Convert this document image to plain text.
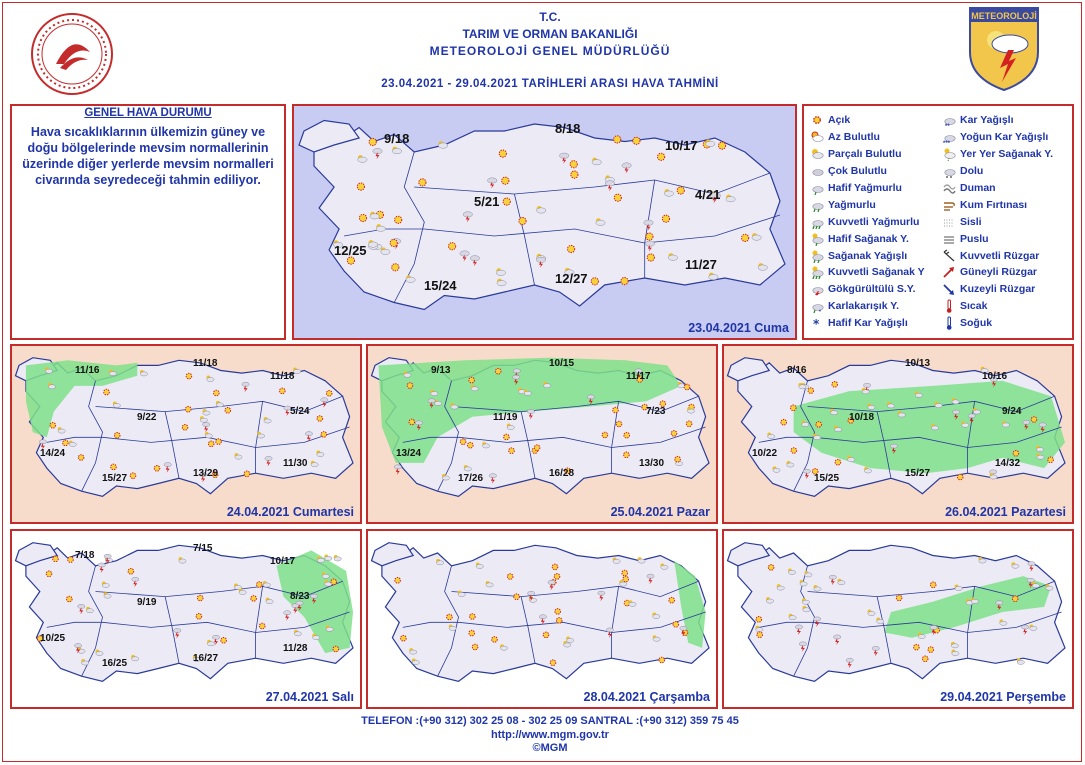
T.C.
TARIM VE ORMAN BAKANLIĞI
METEOROLOJİ GENEL MÜDÜRLÜĞÜ
23.04.2021 - 29.04.2021 TARİHLERİ ARASI HAVA TAHMİNİ
METEOROLOJİ
GENEL HAVA DURUMU
Hava sıcaklıklarının ülkemizin güney ve doğu bölgelerinde mevsim normallerinin üzerinde diğer yerlerde mevsim normalleri civarında seyredeceği tahmin ediliyor.
Açık
Az Bulutlu
Parçalı Bulutlu
Çok Bulutlu
Hafif Yağmurlu
Yağmurlu
Kuvvetli Yağmurlu
Hafif Sağanak Y.
Sağanak Yağışlı
Kuvvetli Sağanak Y
Gökgürültülü S.Y.
*
Karlakarışık Y.
* Hafif Kar Yağışlı
**
Kar Yağışlı
***
Yoğun Kar Yağışlı
Yer Yer Sağanak Y.
Dolu
Duman
Kum Fırtınası
Sisli
Puslu
Kuvvetli Rüzgar
Güneyli Rüzgar
Kuzeyli Rüzgar
Sıcak
Soğuk
9/18
8/18
10/17
5/21	4/21
12/25
15/24	12/27
11/27
23.04.2021 Cuma
11/16
11/18
11/18
9/22
5/24
14/24
15/27	13/29
11/30
24.04.2021 Cumartesi
9/13
10/15
11/17
11/19
7/23
13/24
17/26	16/28
13/30
25.04.2021 Pazar
8/16
10/13
10/16
10/18
9/24
10/22
15/25	15/27
14/32
26.04.2021 Pazartesi
7/18
7/15
10/17
9/19
8/23
10/25
16/25	16/27
11/28
27.04.2021 Salı	28.04.2021 Çarşamba	29.04.2021 Perşembe
TELEFON :(+90 312) 302 25 08 - 302 25 09 SANTRAL :(+90 312) 359 75 45
http://www.mgm.gov.tr
©MGM
